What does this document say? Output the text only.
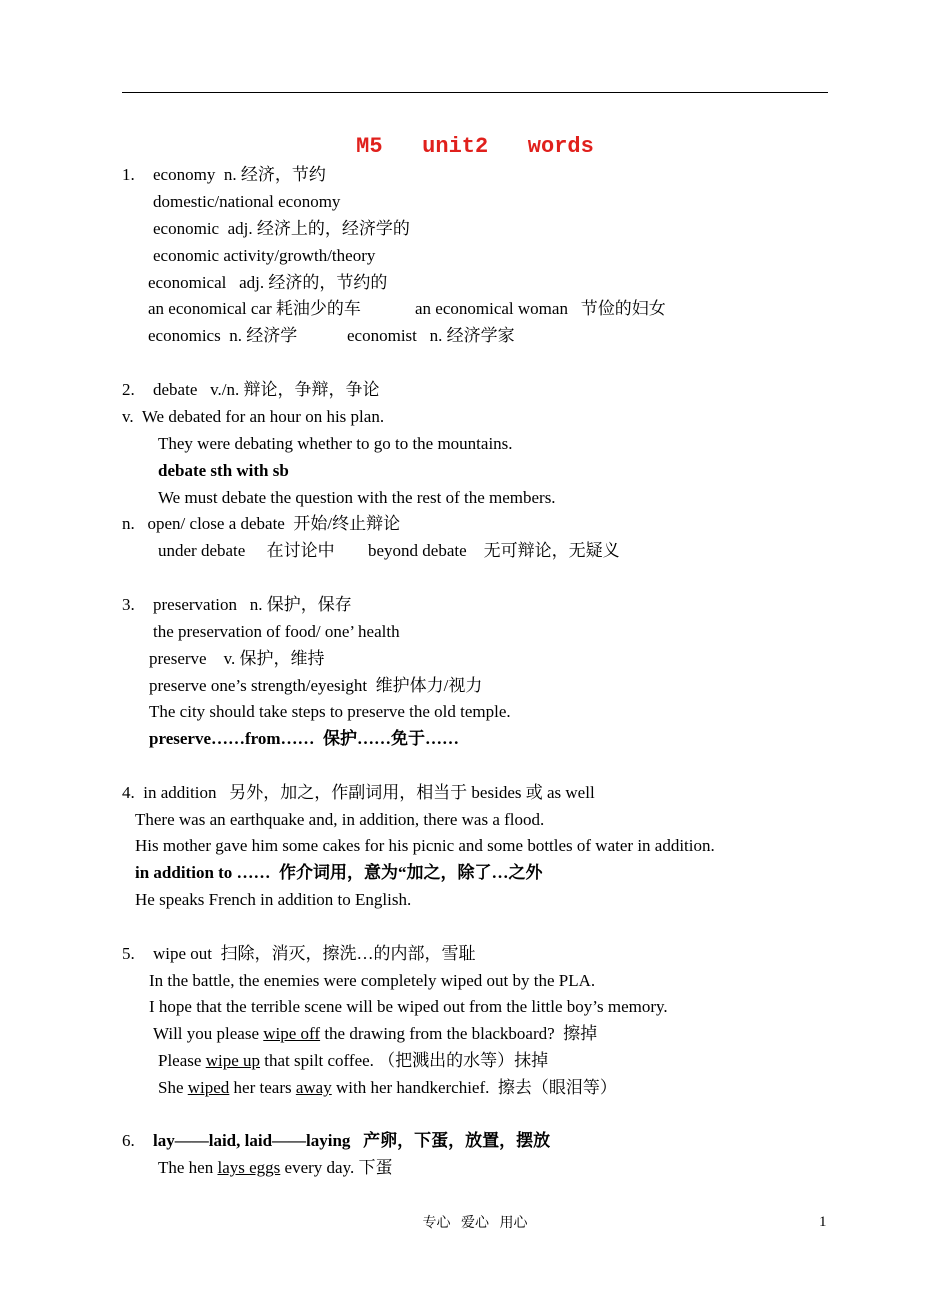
M5   unit2   words
1. economy  n. 经济，节约
domestic/national economy
economic  adj. 经济上的，经济学的
economic activity/growth/theory
economical   adj. 经济的，节约的
an economical car 耗油少的车	an economical woman   节俭的妇女
economics  n. 经济学	economist   n. 经济学家
2. debate   v./n. 辩论，争辩，争论
v.  We debated for an hour on his plan.
They were debating whether to go to the mountains.
debate sth with sb
We must debate the question with the rest of the members.
n.   open/ close a debate  开始/终止辩论
under debate     在讨论中 beyond debate    无可辩论，无疑义
3. preservation   n. 保护，保存
the preservation of food/ one’ health
preserve    v. 保护，维持
preserve one’s strength/eyesight  维护体力/视力
The city should take steps to preserve the old temple.
preserve……from……  保护……免于……
4.  in addition   另外，加之，作副词用，相当于 besides 或 as well
There was an earthquake and, in addition, there was a flood.
His mother gave him some cakes for his picnic and some bottles of water in addition.
in addition to ……  作介词用，意为“加之，除了…之外
He speaks French in addition to English.
5. wipe out  扫除，消灭，擦洗…的内部，雪耻
In the battle, the enemies were completely wiped out by the PLA.
I hope that the terrible scene will be wiped out from the little boy’s memory.
Will you please wipe off the drawing from the blackboard?  擦掉
Please wipe up that spilt coffee. （把溅出的水等）抹掉
She wiped her tears away with her handkerchief.  擦去（眼泪等）
6. lay——laid, laid——laying   产卵，下蛋，放置，摆放
The hen lays eggs every day. 下蛋
专心   爱心   用心	1
